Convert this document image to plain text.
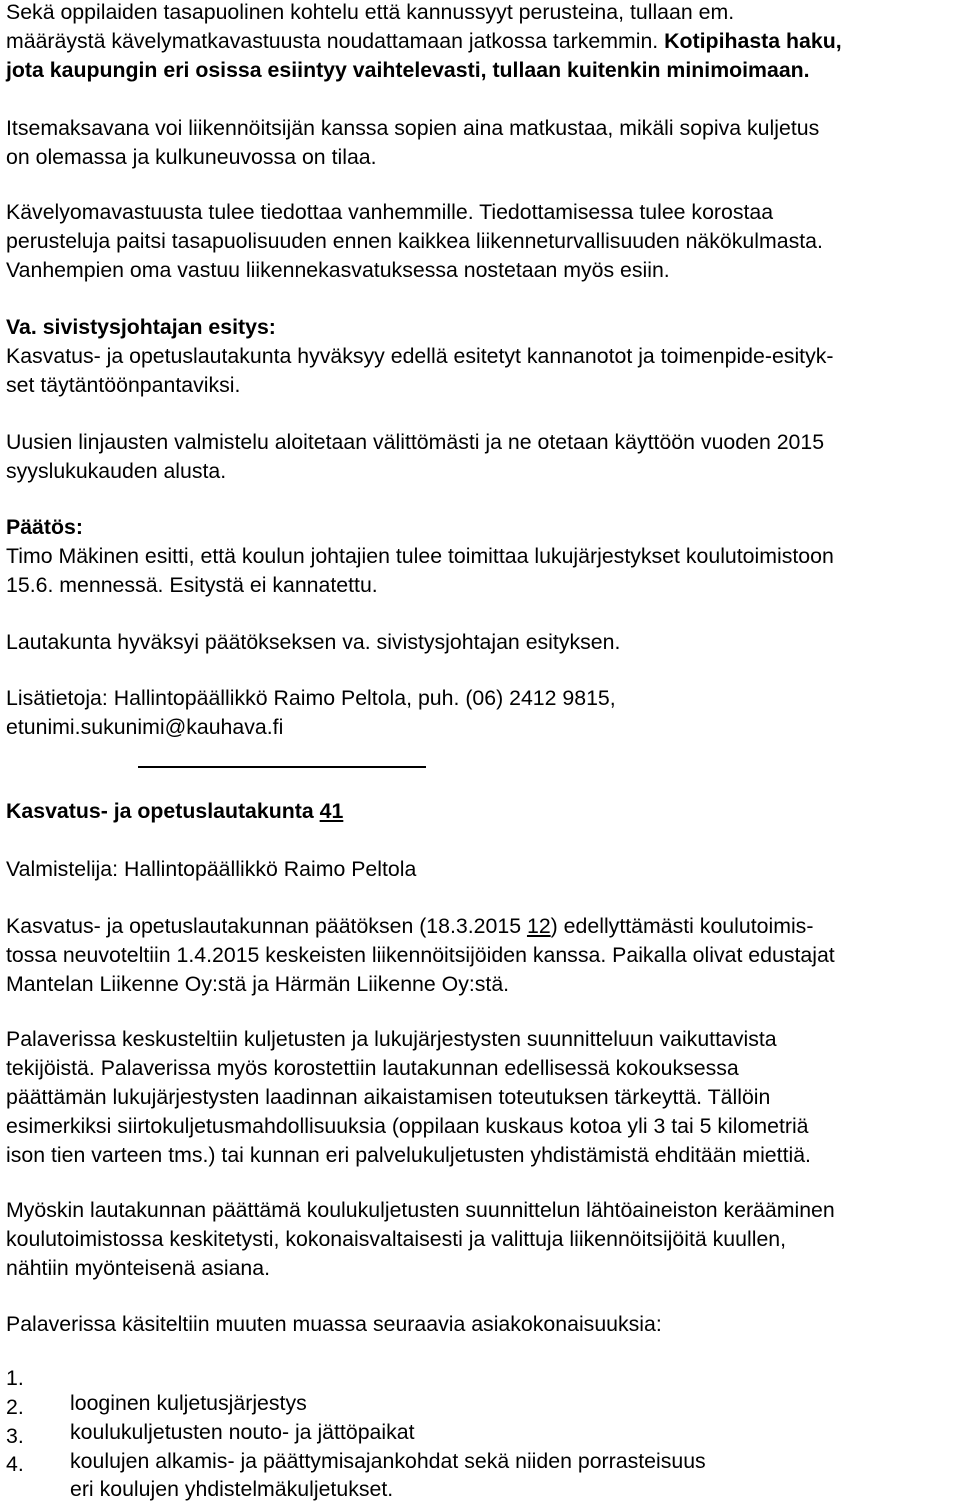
Sekä oppilaiden tasapuolinen kohtelu että kannussyyt perusteina, tullaan em.
määräystä kävelymatkavastuusta noudattamaan jatkossa tarkemmin. Kotipihasta haku,
jota kaupungin eri osissa esiintyy vaihtelevasti, tullaan kuitenkin minimoimaan.
Itsemaksavana voi liikennöitsijän kanssa sopien aina matkustaa, mikäli sopiva kuljetus
on olemassa ja kulkuneuvossa on tilaa.
Kävelyomavastuusta tulee tiedottaa vanhemmille. Tiedottamisessa tulee korostaa
perusteluja paitsi tasapuolisuuden ennen kaikkea liikenneturvallisuuden näkökulmasta.
Vanhempien oma vastuu liikennekasvatuksessa nostetaan myös esiin.
Va. sivistysjohtajan esitys:
Kasvatus- ja opetuslautakunta hyväksyy edellä esitetyt kannanotot ja toimenpide-esityk-
set täytäntöönpantaviksi.
Uusien linjausten valmistelu aloitetaan välittömästi ja ne otetaan käyttöön vuoden 2015
syyslukukauden alusta.
Päätös:
Timo Mäkinen esitti, että koulun johtajien tulee toimittaa lukujärjestykset koulutoimistoon
15.6. mennessä. Esitystä ei kannatettu.
Lautakunta hyväksyi päätökseksen va. sivistysjohtajan esityksen.
Lisätietoja: Hallintopäällikkö Raimo Peltola, puh. (06) 2412 9815,
etunimi.sukunimi@kauhava.fi
Kasvatus- ja opetuslautakunta 41
Valmistelija: Hallintopäällikkö Raimo Peltola
Kasvatus- ja opetuslautakunnan päätöksen (18.3.2015 12) edellyttämästi koulutoimis-
tossa neuvoteltiin 1.4.2015 keskeisten liikennöitsijöiden kanssa. Paikalla olivat edustajat
Mantelan Liikenne Oy:stä ja Härmän Liikenne Oy:stä.
Palaverissa keskusteltiin kuljetusten ja lukujärjestysten suunnitteluun vaikuttavista
tekijöistä. Palaverissa myös korostettiin lautakunnan edellisessä kokouksessa
päättämän lukujärjestysten laadinnan aikaistamisen toteutuksen tärkeyttä. Tällöin
esimerkiksi siirtokuljetusmahdollisuuksia (oppilaan kuskaus kotoa yli 3 tai 5 kilometriä
ison tien varteen tms.) tai kunnan eri palvelukuljetusten yhdistämistä ehditään miettiä.
Myöskin lautakunnan päättämä koulukuljetusten suunnittelun lähtöaineiston kerääminen
koulutoimistossa keskitetysti, kokonaisvaltaisesti ja valittuja liikennöitsijöitä kuullen,
nähtiin myönteisenä asiana.
Palaverissa käsiteltiin muuten muassa seuraavia asiakokonaisuuksia:

1.

looginen kuljetusjärjestys

2.

koulukuljetusten nouto- ja jättöpaikat

3.

koulujen alkamis- ja päättymisajankohdat sekä niiden porrasteisuus

4.

eri koulujen yhdistelmäkuljetukset.
